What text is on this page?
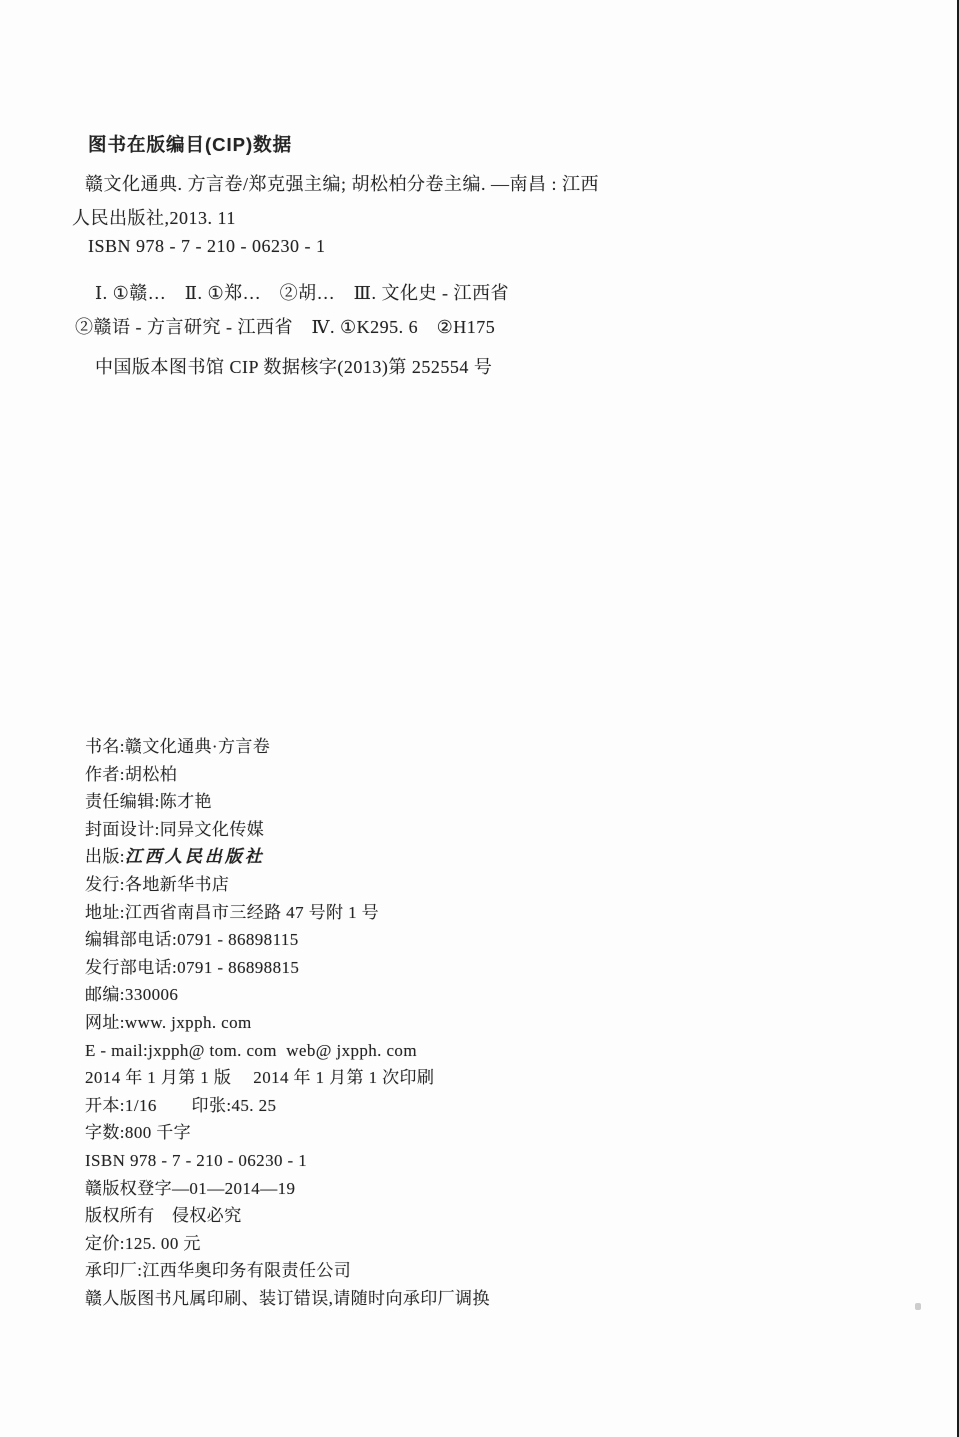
图书在版编目(CIP)数据
赣文化通典. 方言卷/郑克强主编; 胡松柏分卷主编. —南昌 : 江西
人民出版社,2013. 11
ISBN 978 - 7 - 210 - 06230 - 1
Ⅰ. ①赣…　Ⅱ. ①郑…　②胡…　Ⅲ. 文化史 - 江西省
②赣语 - 方言研究 - 江西省　Ⅳ. ①K295. 6　②H175
中国版本图书馆 CIP 数据核字(2013)第 252554 号
书名:赣文化通典·方言卷
作者:胡松柏
责任编辑:陈才艳
封面设计:同异文化传媒
出版:江西人民出版社
发行:各地新华书店
地址:江西省南昌市三经路 47 号附 1 号
编辑部电话:0791 - 86898115
发行部电话:0791 - 86898815
邮编:330006
网址:www. jxpph. com
E - mail:jxpph@ tom. com  web@ jxpph. com
2014 年 1 月第 1 版　 2014 年 1 月第 1 次印刷
开本:1/16　　印张:45. 25
字数:800 千字
ISBN 978 - 7 - 210 - 06230 - 1
赣版权登字—01—2014—19
版权所有　侵权必究
定价:125. 00 元
承印厂:江西华奥印务有限责任公司
赣人版图书凡属印刷、装订错误,请随时向承印厂调换
